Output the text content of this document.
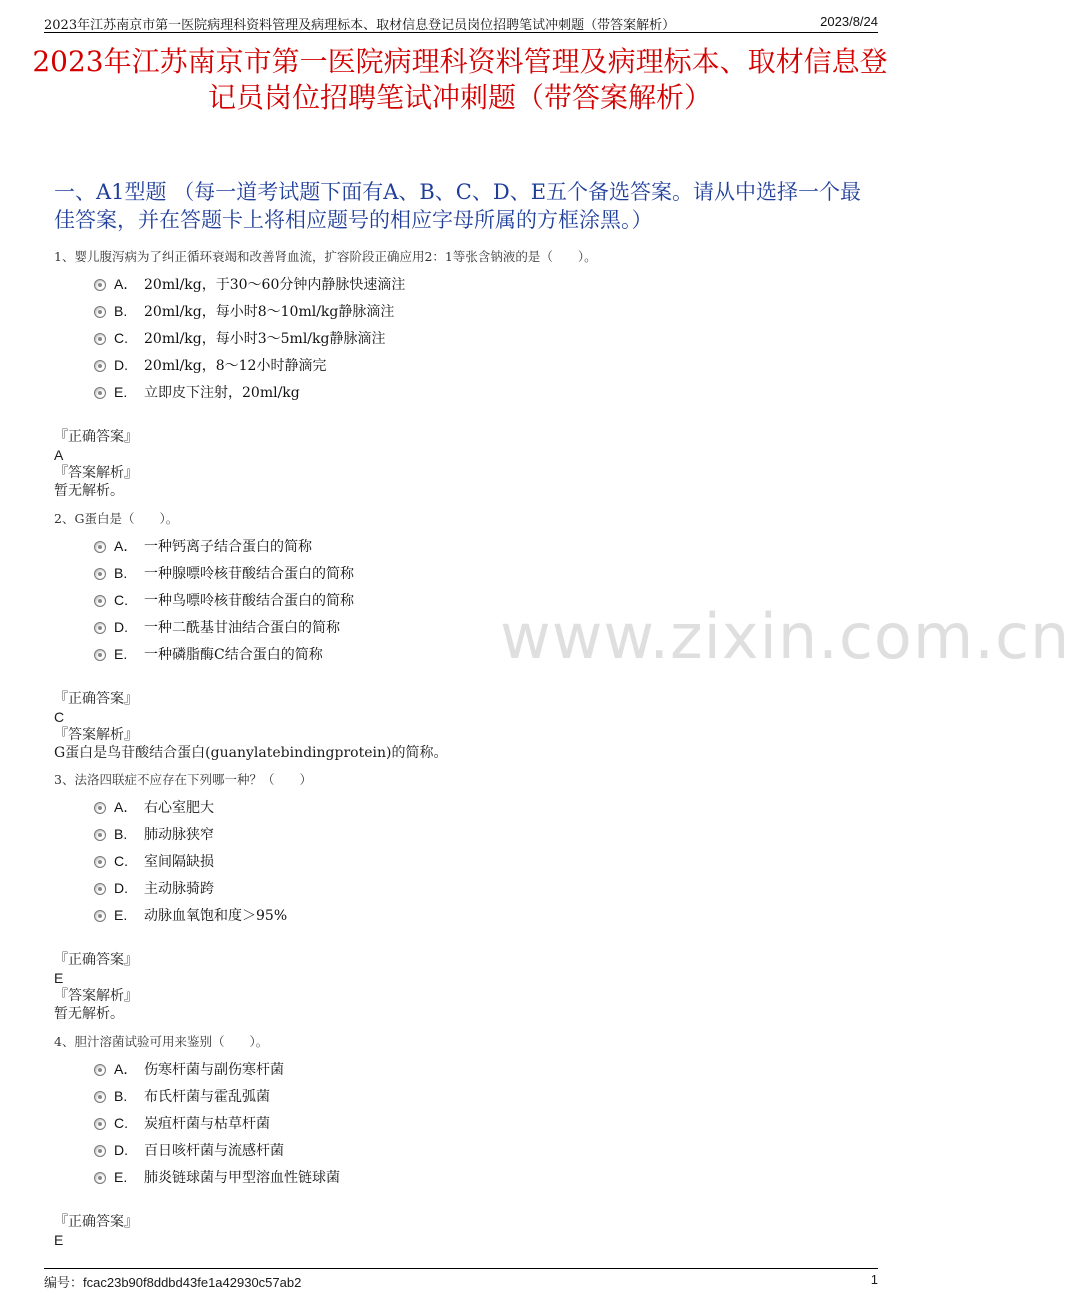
2023年江苏南京市第一医院病理科资料管理及病理标本、取材信息登记员岗位招聘笔试冲刺题（带答案解析）	2023/8/24
2023年江苏南京市第一医院病理科资料管理及病理标本、取材信息登记员岗位招聘笔试冲刺题（带答案解析）
一、A1型题 （每一道考试题下面有A、B、C、D、E五个备选答案。请从中选择一个最佳答案，并在答题卡上将相应题号的相应字母所属的方框涂黑。）
1、婴儿腹泻病为了纠正循环衰竭和改善肾血流，扩容阶段正确应用2：1等张含钠液的是（　　）。
A． 20ml/kg，于30～60分钟内静脉快速滴注
B. 20ml/kg，每小时8～10ml/kg静脉滴注
C. 20ml/kg，每小时3～5ml/kg静脉滴注
D. 20ml/kg，8～12小时静滴完
E. 立即皮下注射，20ml/kg
『正确答案』
A
『答案解析』
暂无解析。
2、G蛋白是（　　）。
A． 一种钙离子结合蛋白的简称
B. 一种腺嘌呤核苷酸结合蛋白的简称
C. 一种鸟嘌呤核苷酸结合蛋白的简称
D. 一种二酰基甘油结合蛋白的简称
E. 一种磷脂酶C结合蛋白的简称
『正确答案』
C
『答案解析』
G蛋白是鸟苷酸结合蛋白(guanylatebindingprotein)的简称。
3、法洛四联症不应存在下列哪一种？（　　）
A． 右心室肥大
B. 肺动脉狭窄
C. 室间隔缺损
D. 主动脉骑跨
E. 动脉血氧饱和度＞95%
『正确答案』
E
『答案解析』
暂无解析。
4、胆汁溶菌试验可用来鉴别（　　）。
A． 伤寒杆菌与副伤寒杆菌
B. 布氏杆菌与霍乱弧菌
C. 炭疽杆菌与枯草杆菌
D. 百日咳杆菌与流感杆菌
E. 肺炎链球菌与甲型溶血性链球菌
『正确答案』
E
www.zixin.com.cn
编号：fcac23b90f8ddbd43fe1a42930c57ab2	1
